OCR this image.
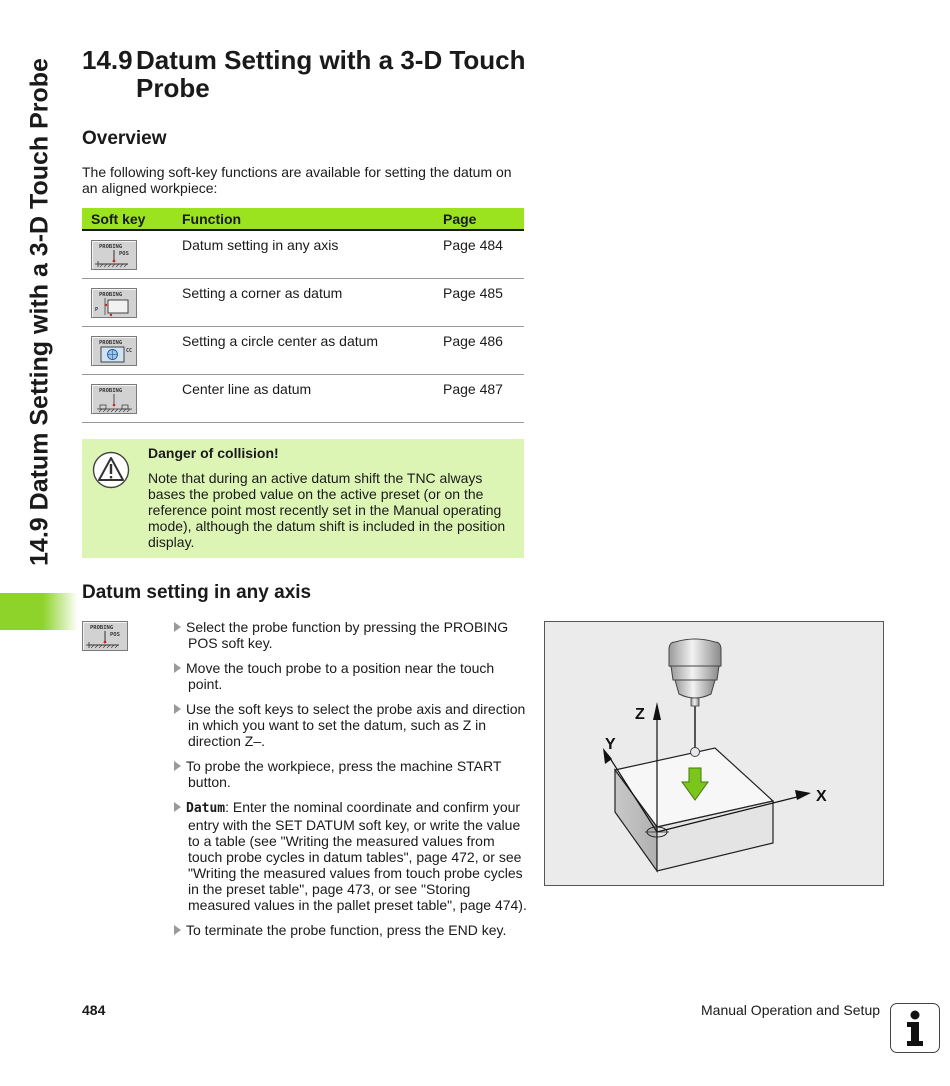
14.9 Datum Setting with a 3-D Touch Probe 14.9 Datum Setting with a 3-D Touch
Probe
Overview
The following soft-key functions are available for setting the datum on an aligned workpiece:
Soft key	Function	Page

PROBING
POS	Datum setting in any axis	Page 484

PROBING
P	Setting a corner as datum	Page 485

PROBING
CC	Setting a circle center as datum	Page 486

PROBING	Center line as datum	Page 487
Danger of collision!
Note that during an active datum shift the TNC always bases the probed value on the active preset (or on the reference point most recently set in the Manual operating mode), although the datum shift is included in the position display.
Datum setting in any axis
PROBING
POS	Select the probe function by pressing the PROBING POS soft key.
Move the touch probe to a position near the touch point.
Use the soft keys to select the probe axis and direction in which you want to set the datum, such as Z in direction Z–.
To probe the workpiece, press the machine START button.
Datum: Enter the nominal coordinate and confirm your entry with the SET DATUM soft key, or write the value to a table (see "Writing the measured values from touch probe cycles in datum tables", page 472, or see "Writing the measured values from touch probe cycles in the preset table", page 473, or see "Storing measured values in the pallet preset table", page 474).
To terminate the probe function, press the END key.
Z
Y
X
484	Manual Operation and Setup
